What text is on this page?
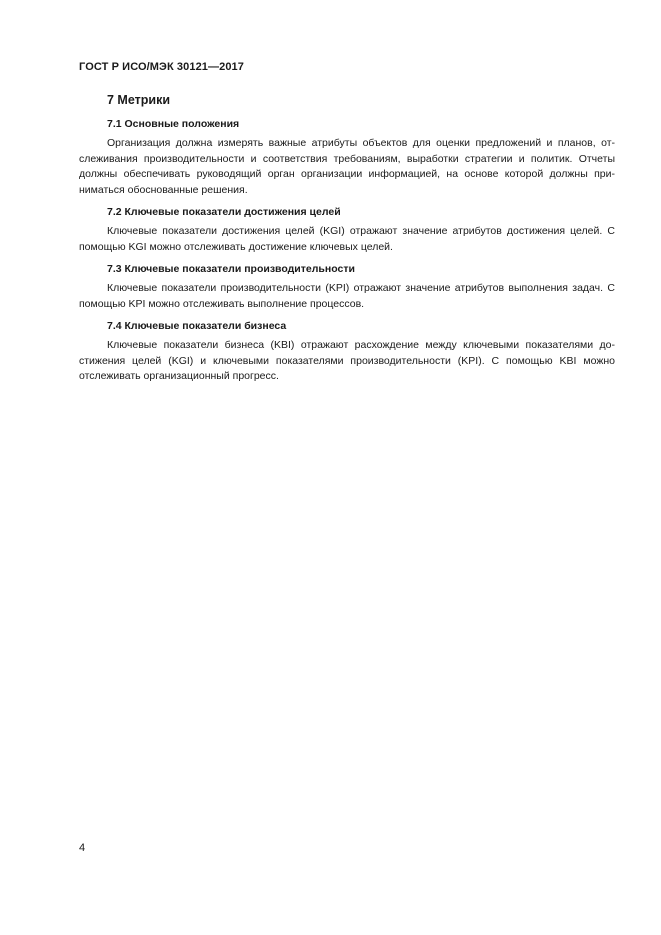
ГОСТ Р ИСО/МЭК 30121—2017
7 Метрики
7.1 Основные положения

Организация должна измерять важные атрибуты объектов для оценки предложений и планов, отслеживания производительности и соответствия требованиям, выработки стратегии и политик. Отчеты должны обеспечивать руководящий орган организации информацией, на основе которой должны приниматься обоснованные решения.

7.2 Ключевые показатели достижения целей

Ключевые показатели достижения целей (KGI) отражают значение атрибутов достижения целей. С помощью KGI можно отслеживать достижение ключевых целей.

7.3 Ключевые показатели производительности

Ключевые показатели производительности (KPI) отражают значение атрибутов выполнения задач. С помощью KPI можно отслеживать выполнение процессов.

7.4 Ключевые показатели бизнеса

Ключевые показатели бизнеса (KBI) отражают расхождение между ключевыми показателями достижения целей (KGI) и ключевыми показателями производительности (KPI). С помощью KBI можно отслеживать организационный прогресс.

4
